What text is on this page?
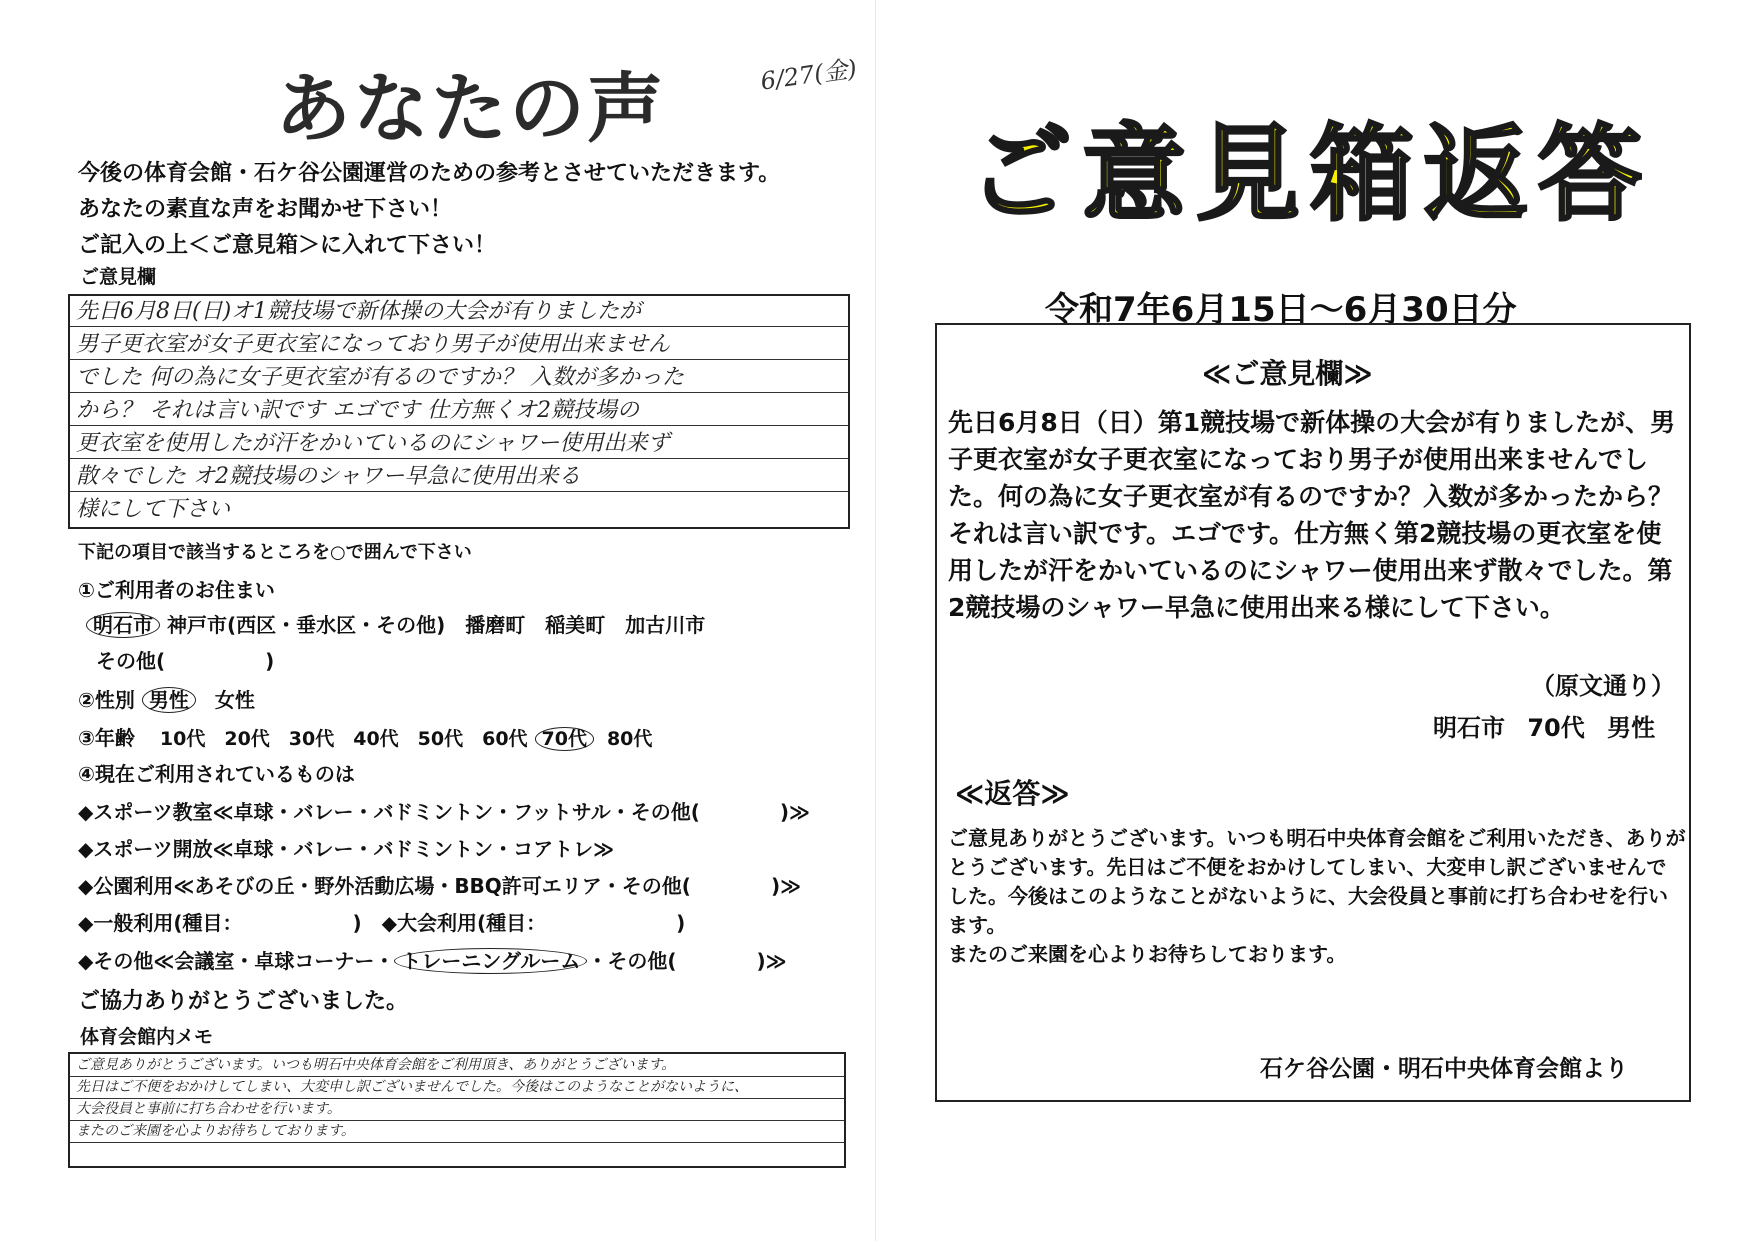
あなたの声	6/27(金)
今後の体育会館・石ケ谷公園運営のための参考とさせていただきます。
あなたの素直な声をお聞かせ下さい！
ご記入の上＜ご意見箱＞に入れて下さい！
ご意見欄
先日6月8日(日)オ1競技場で新体操の大会が有りましたが
男子更衣室が女子更衣室になっており男子が使用出来ません
でした 何の為に女子更衣室が有るのですか？ 入数が多かった
から？ それは言い訳です エゴです 仕方無くオ2競技場の
更衣室を使用したが汗をかいているのにシャワー使用出来ず
散々でした オ2競技場のシャワー早急に使用出来る
様にして下さい
下記の項目で該当するところを○で囲んで下さい
①ご利用者のお住まい
明石市 神戸市(西区・垂水区・その他)　播磨町　稲美町　加古川市
その他(　　　　　)
②性別 男性 女性
③年齢 10代　20代　30代　40代　50代　60代 70代 80代
④現在ご利用されているものは
◆スポーツ教室≪卓球・バレー・バドミントン・フットサル・その他(　　　　)≫
◆スポーツ開放≪卓球・バレー・バドミントン・コアトレ≫
◆公園利用≪あそびの丘・野外活動広場・BBQ許可エリア・その他(　　　　)≫
◆一般利用(種目：　　　　　　)　◆大会利用(種目：　　　　　　　)
◆その他≪会議室・卓球コーナー・ トレーニングルーム ・その他(　　　　)≫
ご協力ありがとうございました。
体育会館内メモ
ご意見ありがとうございます。いつも明石中央体育会館をご利用頂き、ありがとうございます。
先日はご不便をおかけしてしまい、大変申し訳ございませんでした。今後はこのようなことがないように、
大会役員と事前に打ち合わせを行います。
またのご来園を心よりお待ちしております。
ご意見箱返答
令和7年6月15日～6月30日分
≪ご意見欄≫
先日6月8日（日）第1競技場で新体操の大会が有りましたが、男子更衣室が女子更衣室になっており男子が使用出来ませんでした。何の為に女子更衣室が有るのですか？入数が多かったから？それは言い訳です。エゴです。仕方無く第2競技場の更衣室を使用したが汗をかいているのにシャワー使用出来ず散々でした。第2競技場のシャワー早急に使用出来る様にして下さい。
（原文通り）
明石市 70代 男性
≪返答≫
ご意見ありがとうございます。いつも明石中央体育会館をご利用いただき、ありがとうございます。先日はご不便をおかけしてしまい、大変申し訳ございませんでした。今後はこのようなことがないように、大会役員と事前に打ち合わせを行います。
またのご来園を心よりお待ちしております。
石ケ谷公園・明石中央体育会館より
